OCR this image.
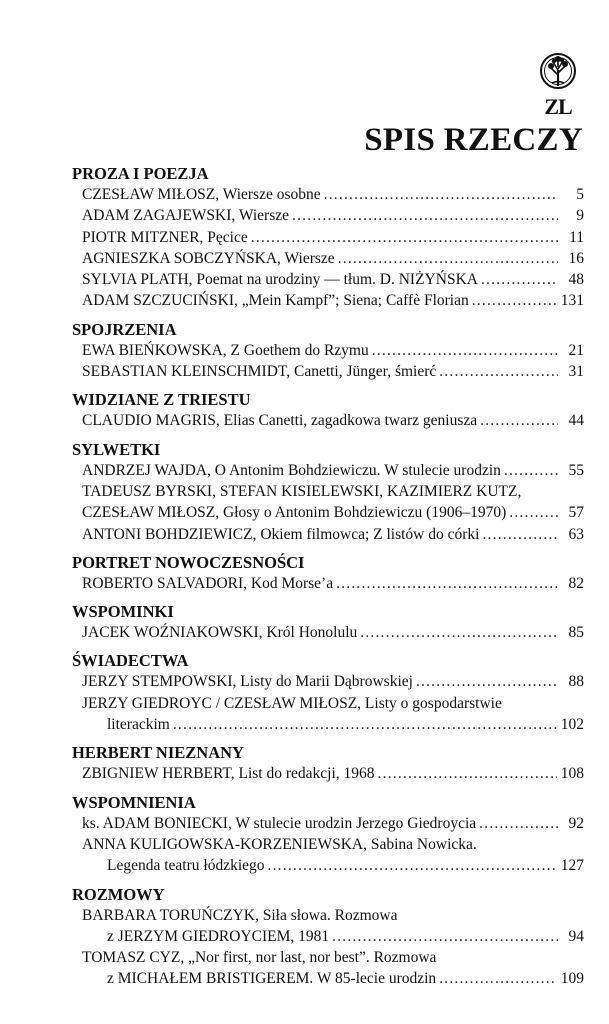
ZL
SPIS RZECZY
PROZA I POEZJA
CZESŁAW MIŁOSZ, Wiersze osobne .....	5
ADAM ZAGAJEWSKI, Wiersze .....	9
PIOTR MITZNER, Pęcice .....	11
AGNIESZKA SOBCZYŃSKA, Wiersze .....	16
SYLVIA PLATH, Poemat na urodziny — tłum. D. NIŻYŃSKA .....	48
ADAM SZCZUCIŃSKI, „Mein Kampf”; Siena; Caffè Florian .....	131
SPOJRZENIA
EWA BIEŃKOWSKA, Z Goethem do Rzymu .....	21
SEBASTIAN KLEINSCHMIDT, Canetti, Jünger, śmierć .....	31
WIDZIANE Z TRIESTU
CLAUDIO MAGRIS, Elias Canetti, zagadkowa twarz geniusza .....	44
SYLWETKI
ANDRZEJ WAJDA, O Antonim Bohdziewiczu. W stulecie urodzin .....	55
TADEUSZ BYRSKI, STEFAN KISIELEWSKI, KAZIMIERZ KUTZ,
CZESŁAW MIŁOSZ, Głosy o Antonim Bohdziewiczu (1906–1970) .....	57
ANTONI BOHDZIEWICZ, Okiem filmowca; Z listów do córki .....	63
PORTRET NOWOCZESNOŚCI
ROBERTO SALVADORI, Kod Morse’a .....	82
WSPOMINKI
JACEK WOŹNIAKOWSKI, Król Honolulu .....	85
ŚWIADECTWA
JERZY STEMPOWSKI, Listy do Marii Dąbrowskiej .....	88
JERZY GIEDROYC / CZESŁAW MIŁOSZ, Listy o gospodarstwie
literackim .....	102
HERBERT NIEZNANY
ZBIGNIEW HERBERT, List do redakcji, 1968 .....	108
WSPOMNIENIA
ks. ADAM BONIECKI, W stulecie urodzin Jerzego Giedroycia .....	92
ANNA KULIGOWSKA-KORZENIEWSKA, Sabina Nowicka.
Legenda teatru łódzkiego .....	127
ROZMOWY
BARBARA TORUŃCZYK, Siła słowa. Rozmowa
z JERZYM GIEDROYCIEM, 1981 .....	94
TOMASZ CYZ, „Nor first, nor last, nor best”. Rozmowa
z MICHAŁEM BRISTIGEREM. W 85-lecie urodzin .....	109
